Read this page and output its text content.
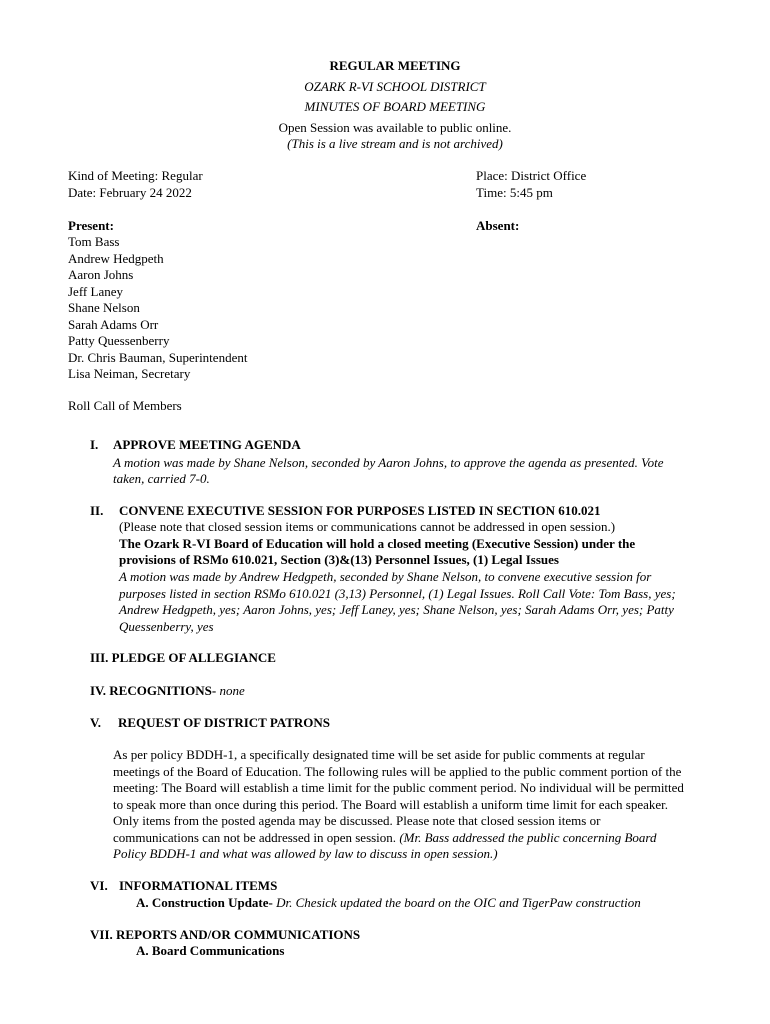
REGULAR MEETING
OZARK R-VI SCHOOL DISTRICT
MINUTES OF BOARD MEETING
Open Session was available to public online.
(This is a live stream and is not archived)
Kind of Meeting: Regular
Date: February 24 2022
Place: District Office
Time: 5:45 pm
Present:	Absent:
Tom Bass
Andrew Hedgpeth
Aaron Johns
Jeff Laney
Shane Nelson
Sarah Adams Orr
Patty Quessenberry
Dr. Chris Bauman, Superintendent
Lisa Neiman, Secretary
Roll Call of Members
I. APPROVE MEETING AGENDA
A motion was made by Shane Nelson, seconded by Aaron Johns, to approve the agenda as presented. Vote
taken, carried 7-0.
II. CONVENE EXECUTIVE SESSION FOR PURPOSES LISTED IN SECTION 610.021
(Please note that closed session items or communications cannot be addressed in open session.)
The Ozark R-VI Board of Education will hold a closed meeting (Executive Session) under the
provisions of RSMo 610.021, Section (3)&(13) Personnel Issues, (1) Legal Issues
A motion was made by Andrew Hedgpeth, seconded by Shane Nelson, to convene executive session for
purposes listed in section RSMo 610.021 (3,13) Personnel, (1) Legal Issues. Roll Call Vote: Tom Bass, yes;
Andrew Hedgpeth, yes; Aaron Johns, yes; Jeff Laney, yes; Shane Nelson, yes; Sarah Adams Orr, yes; Patty
Quessenberry, yes
III. PLEDGE OF ALLEGIANCE
IV. RECOGNITIONS- none
V. REQUEST OF DISTRICT PATRONS
As per policy BDDH-1, a specifically designated time will be set aside for public comments at regular
meetings of the Board of Education. The following rules will be applied to the public comment portion of the
meeting: The Board will establish a time limit for the public comment period. No individual will be permitted
to speak more than once during this period. The Board will establish a uniform time limit for each speaker.
Only items from the posted agenda may be discussed. Please note that closed session items or
communications can not be addressed in open session. (Mr. Bass addressed the public concerning Board
Policy BDDH-1 and what was allowed by law to discuss in open session.)
VI. INFORMATIONAL ITEMS
A. Construction Update- Dr. Chesick updated the board on the OIC and TigerPaw construction
VII. REPORTS AND/OR COMMUNICATIONS
A. Board Communications
